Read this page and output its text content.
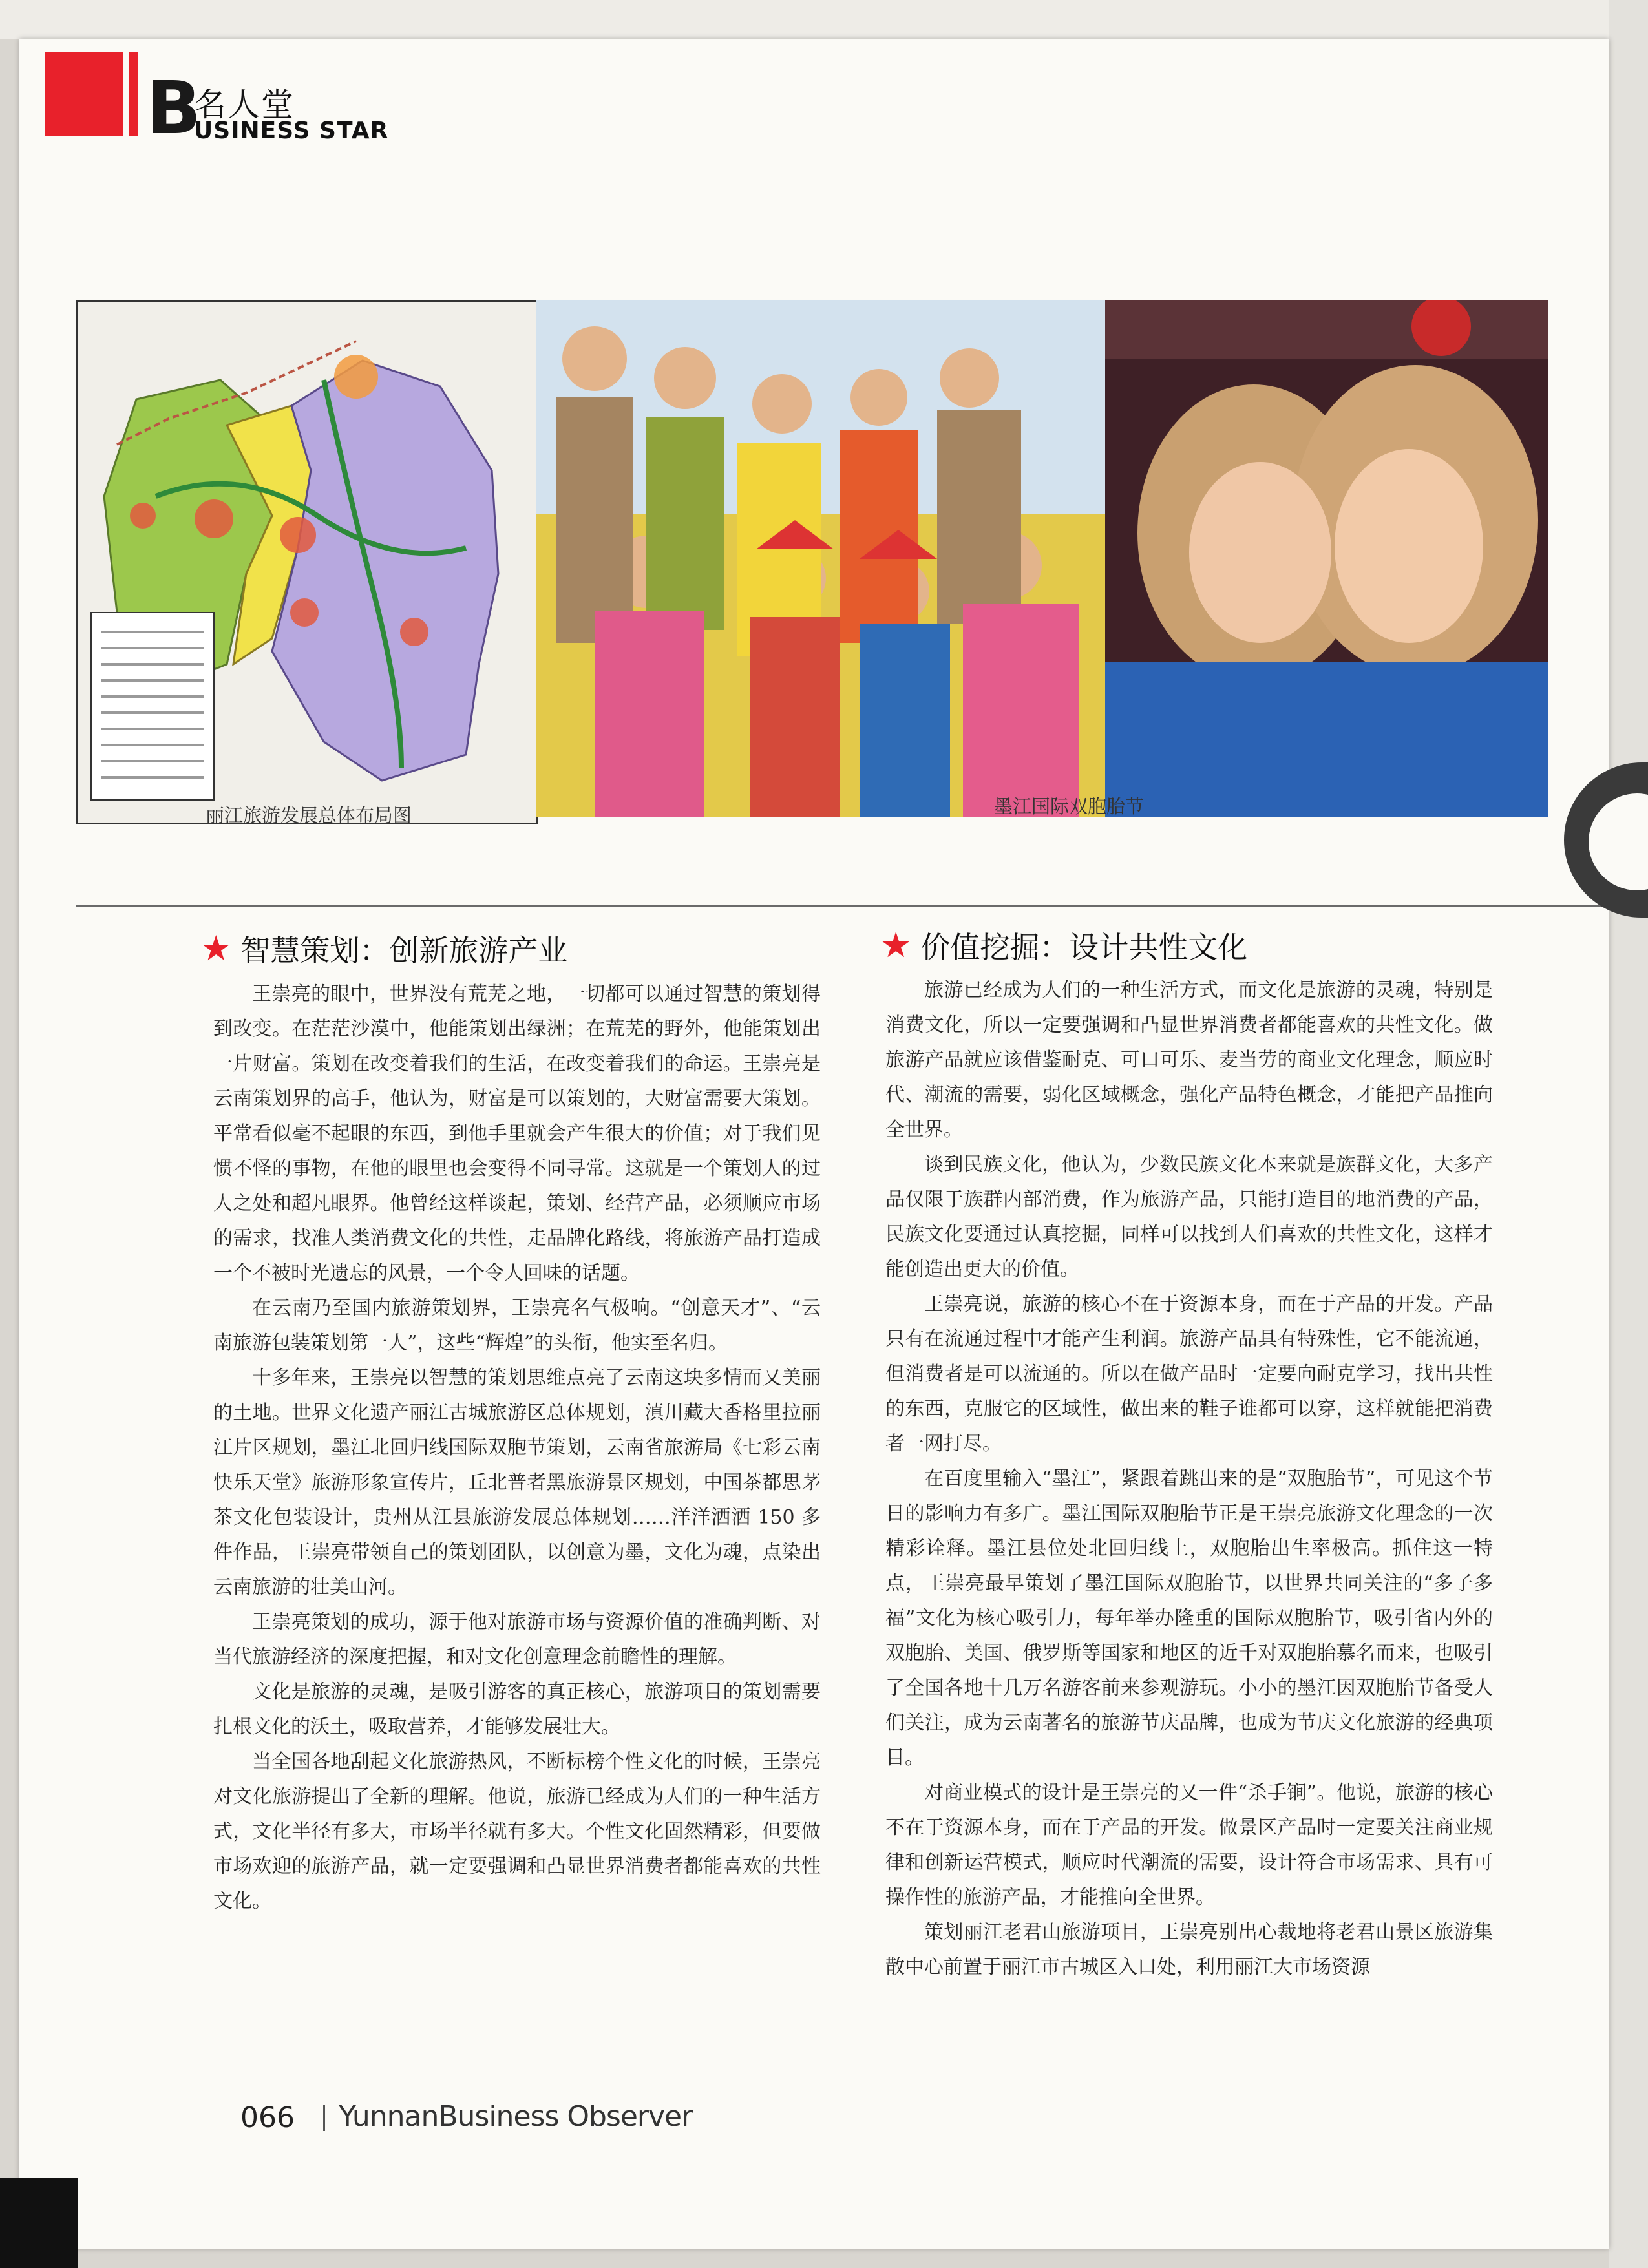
B
名人堂
USINESS STAR
丽江旅游发展总体布局图	墨江国际双胞胎节
★ 智慧策划：创新旅游产业

王崇亮的眼中，世界没有荒芜之地，一切都可以通过智慧的策划得到改变。在茫茫沙漠中，他能策划出绿洲；在荒芜的野外，他能策划出一片财富。策划在改变着我们的生活，在改变着我们的命运。王崇亮是云南策划界的高手，他认为，财富是可以策划的，大财富需要大策划。平常看似毫不起眼的东西，到他手里就会产生很大的价值；对于我们见惯不怪的事物，在他的眼里也会变得不同寻常。这就是一个策划人的过人之处和超凡眼界。他曾经这样谈起，策划、经营产品，必须顺应市场的需求，找准人类消费文化的共性，走品牌化路线，将旅游产品打造成一个不被时光遗忘的风景，一个令人回味的话题。

在云南乃至国内旅游策划界，王崇亮名气极响。“创意天才”、“云南旅游包装策划第一人”，这些“辉煌”的头衔，他实至名归。

十多年来，王崇亮以智慧的策划思维点亮了云南这块多情而又美丽的土地。世界文化遗产丽江古城旅游区总体规划，滇川藏大香格里拉丽江片区规划，墨江北回归线国际双胞节策划，云南省旅游局《七彩云南 快乐天堂》旅游形象宣传片，丘北普者黑旅游景区规划，中国茶都思茅茶文化包装设计，贵州从江县旅游发展总体规划……洋洋洒洒 150 多件作品，王崇亮带领自己的策划团队，以创意为墨，文化为魂，点染出云南旅游的壮美山河。

王崇亮策划的成功，源于他对旅游市场与资源价值的准确判断、对当代旅游经济的深度把握，和对文化创意理念前瞻性的理解。

文化是旅游的灵魂，是吸引游客的真正核心，旅游项目的策划需要扎根文化的沃土，吸取营养，才能够发展壮大。

当全国各地刮起文化旅游热风，不断标榜个性文化的时候，王崇亮对文化旅游提出了全新的理解。他说，旅游已经成为人们的一种生活方式，文化半径有多大，市场半径就有多大。个性文化固然精彩，但要做市场欢迎的旅游产品，就一定要强调和凸显世界消费者都能喜欢的共性文化。

★ 价值挖掘：设计共性文化

旅游已经成为人们的一种生活方式，而文化是旅游的灵魂，特别是消费文化，所以一定要强调和凸显世界消费者都能喜欢的共性文化。做旅游产品就应该借鉴耐克、可口可乐、麦当劳的商业文化理念，顺应时代、潮流的需要，弱化区域概念，强化产品特色概念，才能把产品推向全世界。

谈到民族文化，他认为，少数民族文化本来就是族群文化，大多产品仅限于族群内部消费，作为旅游产品，只能打造目的地消费的产品，民族文化要通过认真挖掘，同样可以找到人们喜欢的共性文化，这样才能创造出更大的价值。

王崇亮说，旅游的核心不在于资源本身，而在于产品的开发。产品只有在流通过程中才能产生利润。旅游产品具有特殊性，它不能流通，但消费者是可以流通的。所以在做产品时一定要向耐克学习，找出共性的东西，克服它的区域性，做出来的鞋子谁都可以穿，这样就能把消费者一网打尽。

在百度里输入“墨江”，紧跟着跳出来的是“双胞胎节”，可见这个节日的影响力有多广。墨江国际双胞胎节正是王崇亮旅游文化理念的一次精彩诠释。墨江县位处北回归线上，双胞胎出生率极高。抓住这一特点，王崇亮最早策划了墨江国际双胞胎节，以世界共同关注的“多子多福”文化为核心吸引力，每年举办隆重的国际双胞胎节，吸引省内外的双胞胎、美国、俄罗斯等国家和地区的近千对双胞胎慕名而来，也吸引了全国各地十几万名游客前来参观游玩。小小的墨江因双胞胎节备受人们关注，成为云南著名的旅游节庆品牌，也成为节庆文化旅游的经典项目。

对商业模式的设计是王崇亮的又一件“杀手锏”。他说，旅游的核心不在于资源本身，而在于产品的开发。做景区产品时一定要关注商业规律和创新运营模式，顺应时代潮流的需要，设计符合市场需求、具有可操作性的旅游产品，才能推向全世界。

策划丽江老君山旅游项目，王崇亮别出心裁地将老君山景区旅游集散中心前置于丽江市古城区入口处，利用丽江大市场资源

066 YunnanBusiness Observer
